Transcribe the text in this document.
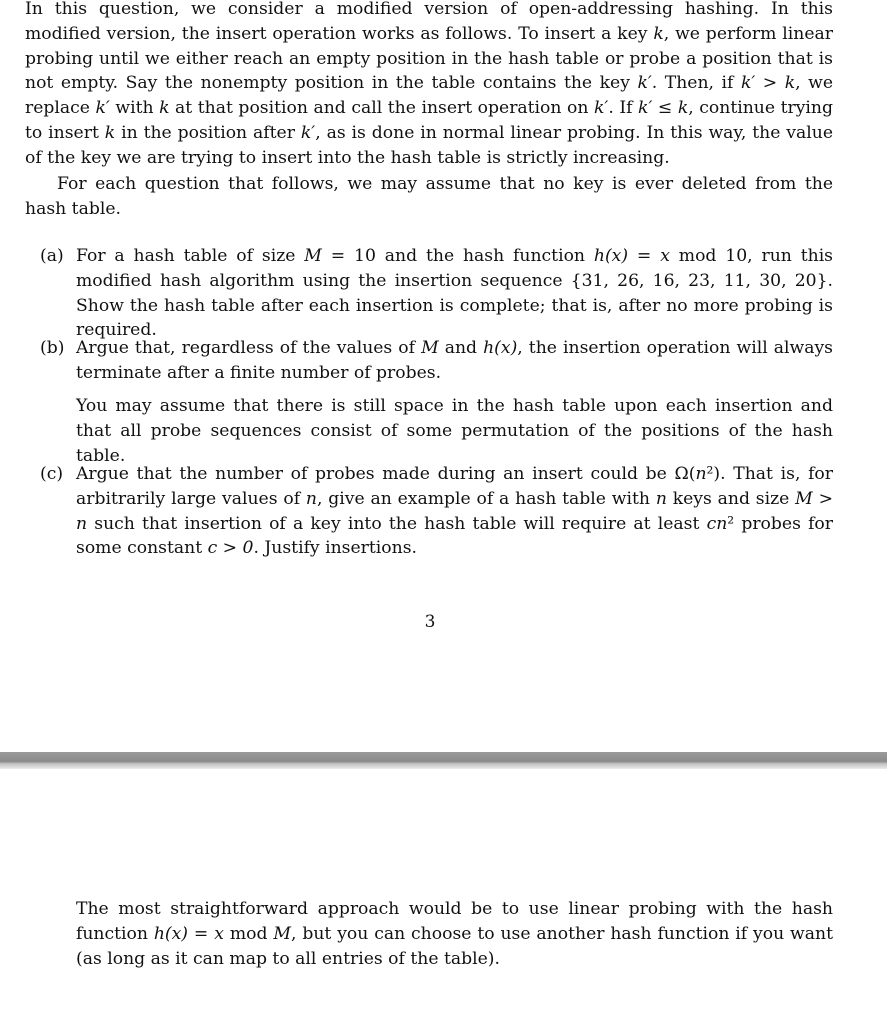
In this question, we consider a modified version of open-addressing hashing. In this modified version, the insert operation works as follows. To insert a key k, we perform linear probing until we either reach an empty position in the hash table or probe a position that is not empty. Say the nonempty position in the table contains the key k′. Then, if k′ > k, we replace k′ with k at that position and call the insert operation on k′. If k′ ≤ k, continue trying to insert k in the position after k′, as is done in normal linear probing. In this way, the value of the key we are trying to insert into the hash table is strictly increasing.

For each question that follows, we may assume that no key is ever deleted from the hash table.

(a) For a hash table of size M = 10 and the hash function h(x) = x mod 10, run this modified hash algorithm using the insertion sequence {31, 26, 16, 23, 11, 30, 20}. Show the hash table after each insertion is complete; that is, after no more probing is required.

(b) Argue that, regardless of the values of M and h(x), the insertion operation will always terminate after a finite number of probes.

You may assume that there is still space in the hash table upon each insertion and that all probe sequences consist of some permutation of the positions of the hash table.

(c) Argue that the number of probes made during an insert could be Ω(n²). That is, for arbitrarily large values of n, give an example of a hash table with n keys and size M > n such that insertion of a key into the hash table will require at least cn² probes for some constant c > 0. Justify insertions.

3

The most straightforward approach would be to use linear probing with the hash function h(x) = x mod M, but you can choose to use another hash function if you want (as long as it can map to all entries of the table).
